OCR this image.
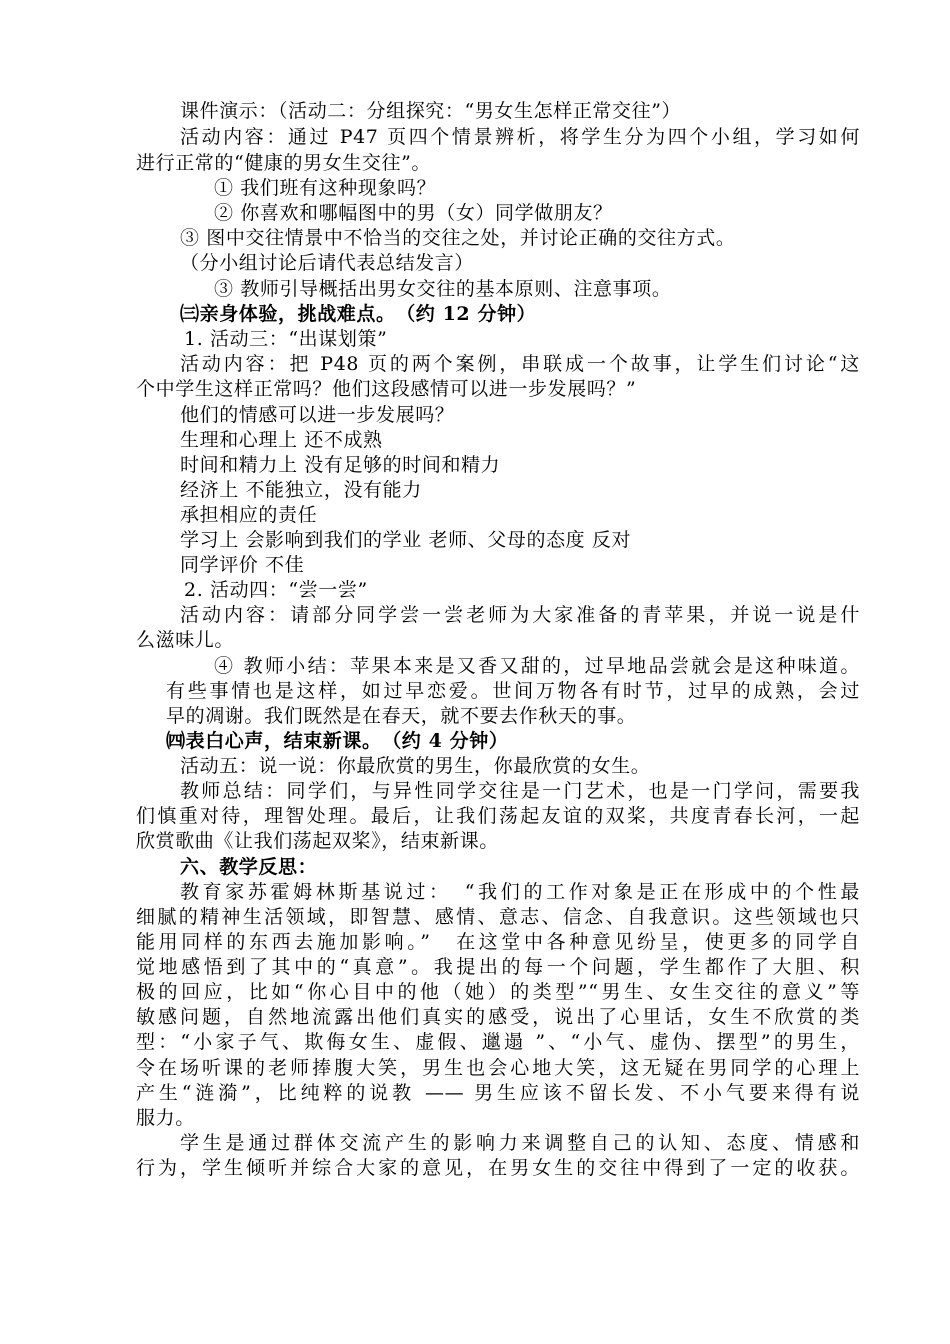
课件演示：（活动二：分组探究：“男女生怎样正常交往”）
活动内容：通过 P47 页四个情景辨析，将学生分为四个小组，学习如何
进行正常的“健康的男女生交往”。
① 我们班有这种现象吗？
② 你喜欢和哪幅图中的男（女）同学做朋友？
③ 图中交往情景中不恰当的交往之处，并讨论正确的交往方式。
（分小组讨论后请代表总结发言）
③ 教师引导概括出男女交往的基本原则、注意事项。
㈢亲身体验，挑战难点。　（约 12 分钟）
1. 活动三：“出谋划策”
活动内容：把 P48 页的两个案例，串联成一个故事，让学生们讨论“这
个中学生这样正常吗？他们这段感情可以进一步发展吗？”
他们的情感可以进一步发展吗？
生理和心理上 还不成熟
时间和精力上 没有足够的时间和精力
经济上 不能独立，没有能力
承担相应的责任
学习上 会影响到我们的学业 老师、父母的态度 反对
同学评价 不佳
2. 活动四：“尝一尝”
活动内容：请部分同学尝一尝老师为大家准备的青苹果，并说一说是什
么滋味儿。
④ 教师小结：苹果本来是又香又甜的，过早地品尝就会是这种味道。
有些事情也是这样，如过早恋爱。世间万物各有时节，过早的成熟，会过
早的凋谢。我们既然是在春天，就不要去作秋天的事。
㈣表白心声，结束新课。　（约 4 分钟）
活动五：说一说：你最欣赏的男生，你最欣赏的女生。
教师总结：同学们，与异性同学交往是一门艺术，也是一门学问，需要我
们慎重对待，理智处理。最后，让我们荡起友谊的双桨，共度青春长河，一起
欣赏歌曲《让我们荡起双桨》，结束新课。
六、教学反思：
教育家苏霍姆林斯基说过：　“我们的工作对象是正在形成中的个性最
细腻的精神生活领域，即智慧、感情、意志、信念、自我意识。这些领域也只
能用同样的东西去施加影响。”　在这堂中各种意见纷呈，使更多的同学自
觉地感悟到了其中的“真意”。我提出的每一个问题，学生都作了大胆、积
极的回应，比如“你心目中的他（她）的类型”“男生、女生交往的意义”等
敏感问题，自然地流露出他们真实的感受，说出了心里话，女生不欣赏的类
型：“小家子气、欺侮女生、虚假、邋遢 ”、“小气、虚伪、摆型”的男生，
令在场听课的老师捧腹大笑，男生也会心地大笑，这无疑在男同学的心理上
产生“涟漪”，比纯粹的说教 —— 男生应该不留长发、不小气要来得有说
服力。
学生是通过群体交流产生的影响力来调整自己的认知、态度、情感和
行为，学生倾听并综合大家的意见，在男女生的交往中得到了一定的收获。
